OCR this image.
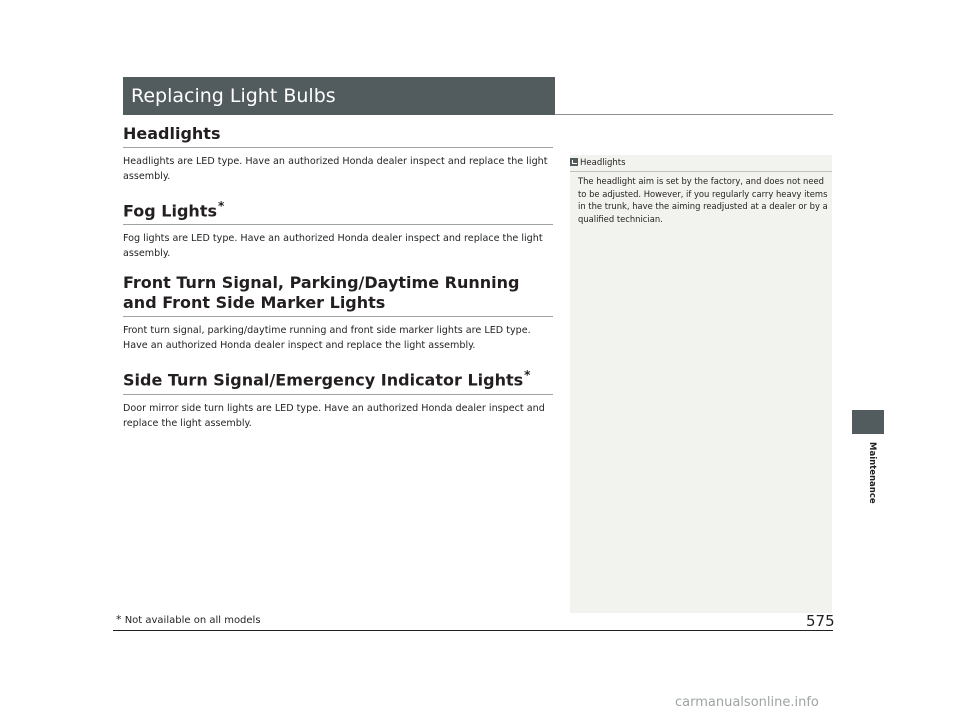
Replacing Light Bulbs
Headlights

Headlights are LED type. Have an authorized Honda dealer inspect and replace the light assembly.

Fog Lights*

Fog lights are LED type. Have an authorized Honda dealer inspect and replace the light assembly.

Front Turn Signal, Parking/Daytime Running and Front Side Marker Lights

Front turn signal, parking/daytime running and front side marker lights are LED type. Have an authorized Honda dealer inspect and replace the light assembly.

Side Turn Signal/Emergency Indicator Lights*

Door mirror side turn lights are LED type. Have an authorized Honda dealer inspect and replace the light assembly.

Headlights
The headlight aim is set by the factory, and does not need to be adjusted. However, if you regularly carry heavy items in the trunk, have the aiming readjusted at a dealer or by a qualified technician.
Maintenance
* Not available on all models	575
carmanualsonline.info
